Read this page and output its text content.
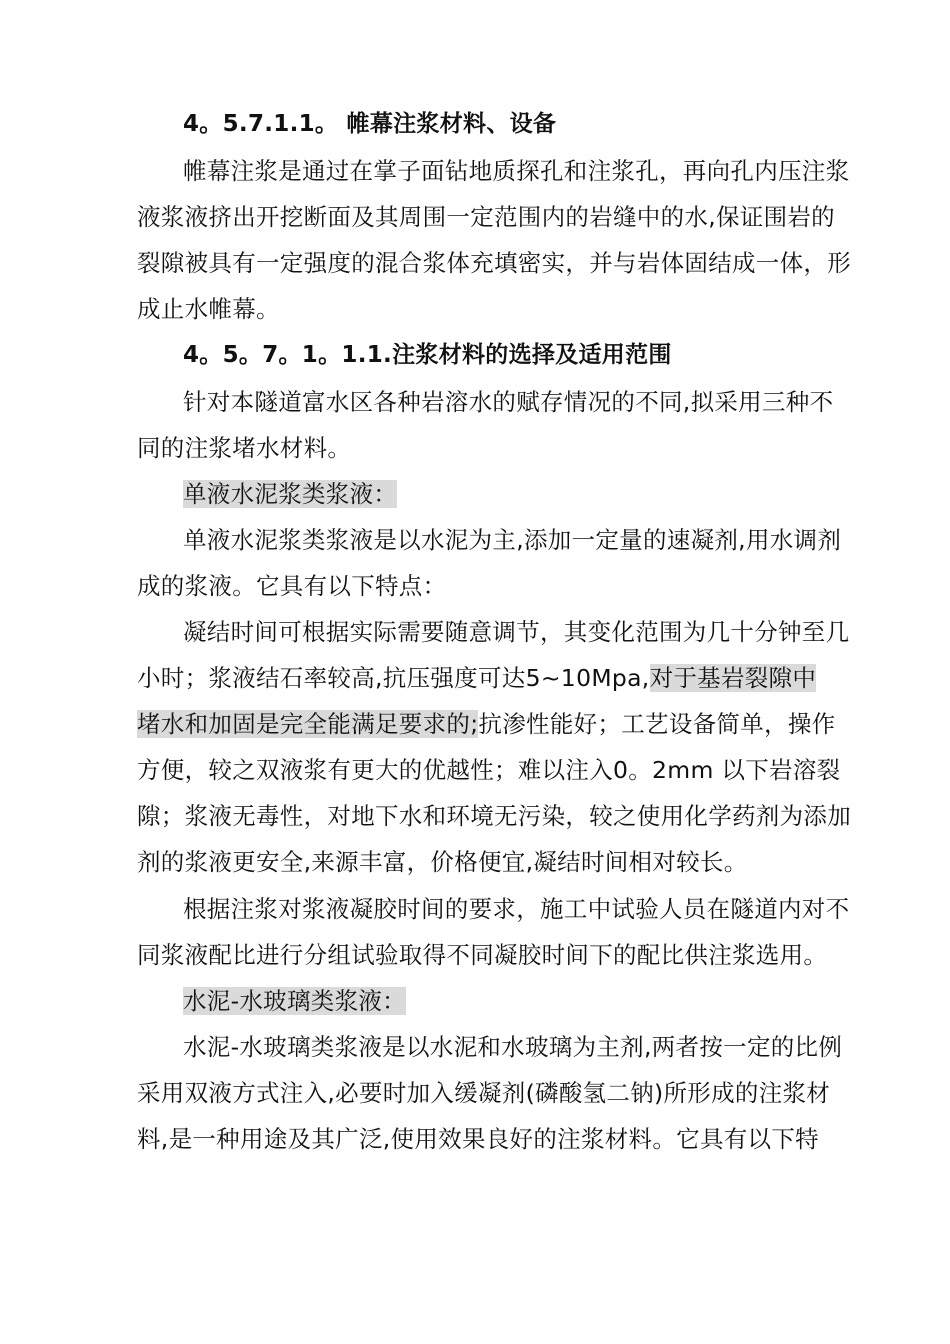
4。5.7.1.1。 帷幕注浆材料、设备
帷幕注浆是通过在掌子面钻地质探孔和注浆孔，再向孔内压注浆
液浆液挤出开挖断面及其周围一定范围内的岩缝中的水,保证围岩的
裂隙被具有一定强度的混合浆体充填密实，并与岩体固结成一体，形
成止水帷幕。
4。5。7。1。1.1.注浆材料的选择及适用范围
针对本隧道富水区各种岩溶水的赋存情况的不同,拟采用三种不
同的注浆堵水材料。
单液水泥浆类浆液：
单液水泥浆类浆液是以水泥为主,添加一定量的速凝剂,用水调剂
成的浆液。它具有以下特点：
凝结时间可根据实际需要随意调节，其变化范围为几十分钟至几
小时；浆液结石率较高,抗压强度可达5~10Mpa,对于基岩裂隙中
堵水和加固是完全能满足要求的;抗渗性能好；工艺设备简单，操作
方便，较之双液浆有更大的优越性；难以注入0。2mm 以下岩溶裂
隙；浆液无毒性，对地下水和环境无污染，较之使用化学药剂为添加
剂的浆液更安全,来源丰富，价格便宜,凝结时间相对较长。
根据注浆对浆液凝胶时间的要求，施工中试验人员在隧道内对不
同浆液配比进行分组试验取得不同凝胶时间下的配比供注浆选用。
水泥-水玻璃类浆液：
水泥-水玻璃类浆液是以水泥和水玻璃为主剂,两者按一定的比例
采用双液方式注入,必要时加入缓凝剂(磷酸氢二钠)所形成的注浆材
料,是一种用途及其广泛,使用效果良好的注浆材料。它具有以下特
